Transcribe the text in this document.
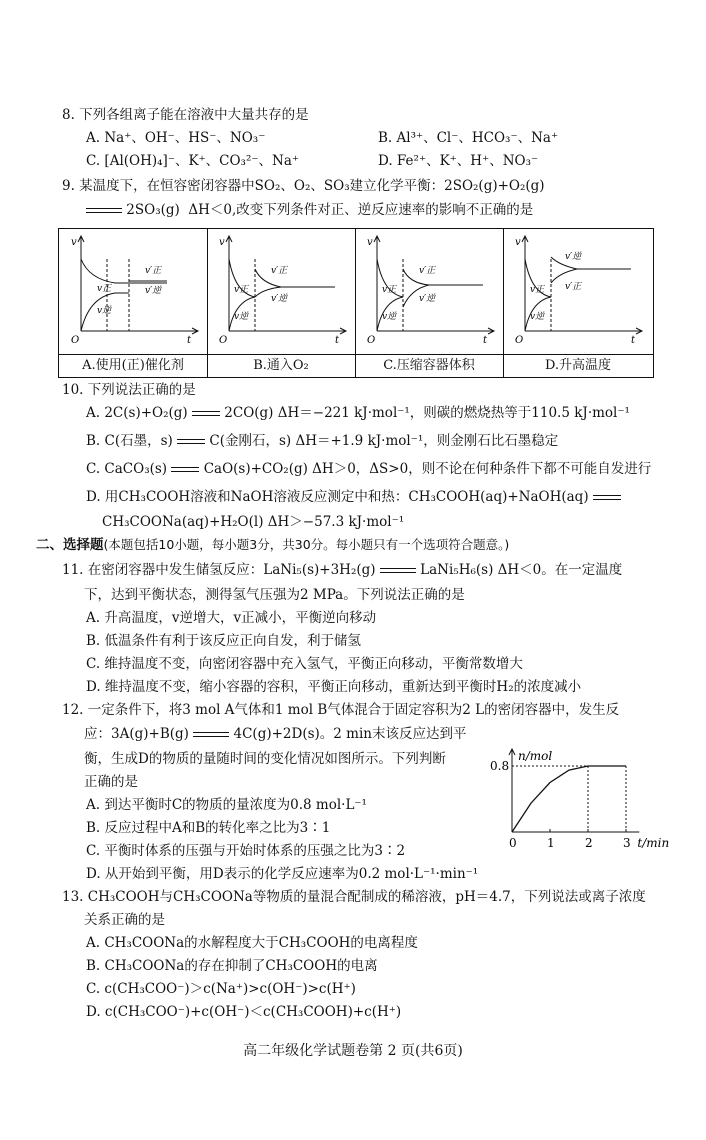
8. 下列各组离子能在溶液中大量共存的是
A. Na⁺、OH⁻、HS⁻、NO₃⁻	B. Al³⁺、Cl⁻、HCO₃⁻、Na⁺
C. [Al(OH)₄]⁻、K⁺、CO₃²⁻、Na⁺	D. Fe²⁺、K⁺、H⁺、NO₃⁻
9. 某温度下，在恒容密闭容器中SO₂、O₂、SO₃建立化学平衡：2SO₂(g)+O₂(g)
2SO₃(g) ΔH＜0,改变下列条件对正、逆反应速率的影响不正确的是
v
t
O
v正
v逆
v′正
v′逆
A.使用(正)催化剂
v
t
O
v正
v逆
v′正
v′逆
B.通入O₂
v
t
O
v正
v逆
v′正
v′逆
C.压缩容器体积
v
t
O
v正
v逆
v′逆
v′正
D.升高温度
10. 下列说法正确的是
A. 2C(s)+O₂(g)	2CO(g) ΔH＝−221 kJ·mol⁻¹，则碳的燃烧热等于110.5 kJ·mol⁻¹
B. C(石墨，s)	C(金刚石，s) ΔH＝+1.9 kJ·mol⁻¹，则金刚石比石墨稳定
C. CaCO₃(s)	CaO(s)+CO₂(g) ΔH＞0，ΔS>0，则不论在何种条件下都不可能自发进行
D. 用CH₃COOH溶液和NaOH溶液反应测定中和热：CH₃COOH(aq)+NaOH(aq)
CH₃COONa(aq)+H₂O(l) ΔH＞−57.3 kJ·mol⁻¹
二、选择题(本题包括10小题，每小题3分，共30分。每小题只有一个选项符合题意。)
11. 在密闭容器中发生储氢反应：LaNi₅(s)+3H₂(g)	LaNi₅H₆(s) ΔH＜0。在一定温度
下，达到平衡状态，测得氢气压强为2 MPa。下列说法正确的是
A. 升高温度，v逆增大，v正减小，平衡逆向移动
B. 低温条件有利于该反应正向自发，利于储氢
C. 维持温度不变，向密闭容器中充入氢气，平衡正向移动，平衡常数增大
D. 维持温度不变，缩小容器的容积，平衡正向移动，重新达到平衡时H₂的浓度减小
12. 一定条件下，将3 mol A气体和1 mol B气体混合于固定容积为2 L的密闭容器中，发生反
应：3A(g)+B(g)	4C(g)+2D(s)。2 min末该反应达到平
衡，生成D的物质的量随时间的变化情况如图所示。下列判断
正确的是
A. 到达平衡时C的物质的量浓度为0.8 mol·L⁻¹
B. 反应过程中A和B的转化率之比为3∶1
C. 平衡时体系的压强与开始时体系的压强之比为3∶2
D. 从开始到平衡，用D表示的化学反应速率为0.2 mol·L⁻¹·min⁻¹
n/mol
t/min
0	1	2	3
0.8
13. CH₃COOH与CH₃COONa等物质的量混合配制成的稀溶液，pH＝4.7，下列说法或离子浓度
关系正确的是
A. CH₃COONa的水解程度大于CH₃COOH的电离程度
B. CH₃COONa的存在抑制了CH₃COOH的电离
C. c(CH₃COO⁻)＞c(Na⁺)>c(OH⁻)>c(H⁺)
D. c(CH₃COO⁻)+c(OH⁻)＜c(CH₃COOH)+c(H⁺)
高二年级化学试题卷第 2 页(共6页)
